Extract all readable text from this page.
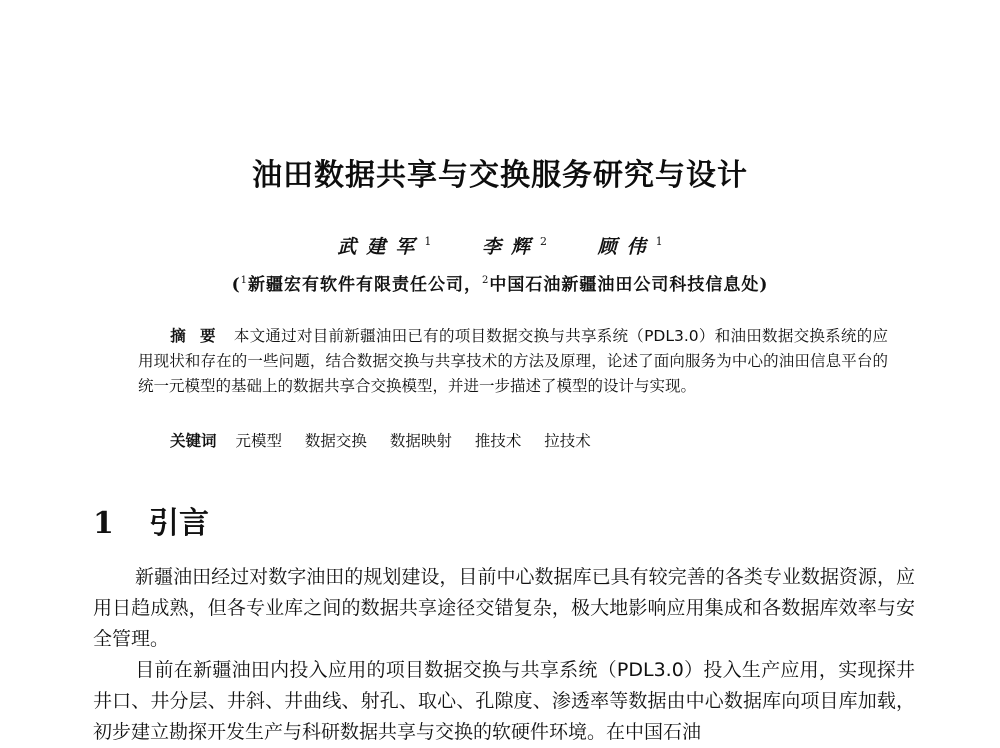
油田数据共享与交换服务研究与设计
武建军$^1$	李辉$^2$	顾伟$^1$
($^1$新疆宏有软件有限责任公司，$^2$中国石油新疆油田公司科技信息处)
摘要 本文通过对目前新疆油田已有的项目数据交换与共享系统（PDL3.0）和油田数据交换系统的应用现状和存在的一些问题，结合数据交换与共享技术的方法及原理，论述了面向服务为中心的油田信息平台的统一元模型的基础上的数据共享合交换模型，并进一步描述了模型的设计与实现。
关键词 元模型 数据交换 数据映射 推技术 拉技术
1 引言
新疆油田经过对数字油田的规划建设，目前中心数据库已具有较完善的各类专业数据资源，应用日趋成熟，但各专业库之间的数据共享途径交错复杂，极大地影响应用集成和各数据库效率与安全管理。
目前在新疆油田内投入应用的项目数据交换与共享系统（PDL3.0）投入生产应用，实现探井井口、井分层、井斜、井曲线、射孔、取心、孔隙度、渗透率等数据由中心数据库向项目库加载，初步建立勘探开发生产与科研数据共享与交换的软硬件环境。在中国石油
